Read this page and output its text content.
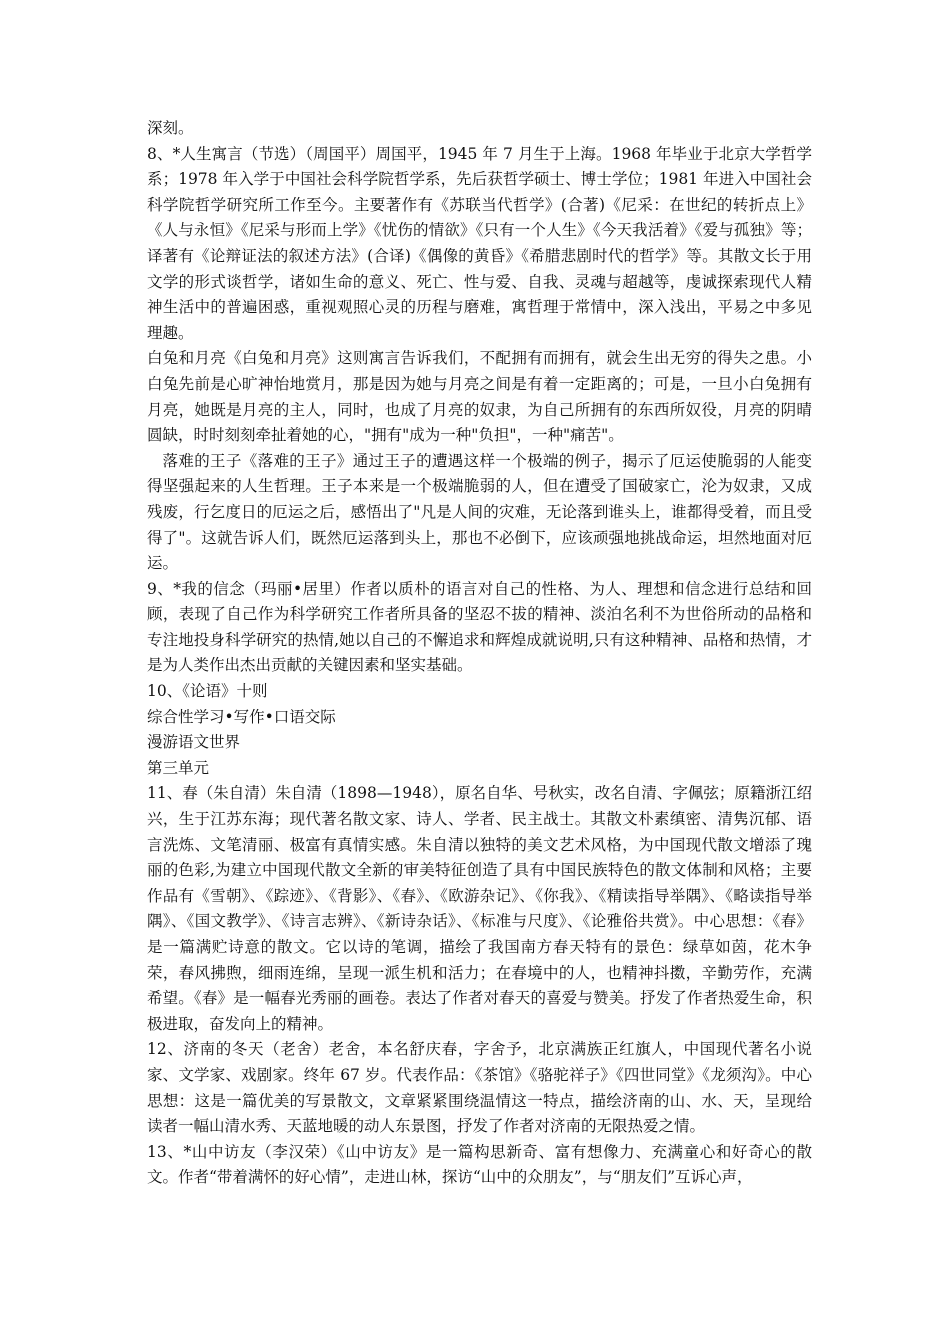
深刻。

8、*人生寓言（节选）（周国平）周国平，1945 年 7 月生于上海。1968 年毕业于北京大学哲学系；1978 年入学于中国社会科学院哲学系，先后获哲学硕士、博士学位；1981 年进入中国社会科学院哲学研究所工作至今。主要著作有《苏联当代哲学》(合著)《尼采：在世纪的转折点上》《人与永恒》《尼采与形而上学》《忧伤的情欲》《只有一个人生》《今天我活着》《爱与孤独》等；译著有《论辩证法的叙述方法》(合译)《偶像的黄昏》《希腊悲剧时代的哲学》等。其散文长于用文学的形式谈哲学，诸如生命的意义、死亡、性与爱、自我、灵魂与超越等，虔诚探索现代人精神生活中的普遍困惑，重视观照心灵的历程与磨难，寓哲理于常情中，深入浅出，平易之中多见理趣。

白兔和月亮《白兔和月亮》这则寓言告诉我们，不配拥有而拥有，就会生出无穷的得失之患。小白兔先前是心旷神怡地赏月，那是因为她与月亮之间是有着一定距离的；可是，一旦小白兔拥有月亮，她既是月亮的主人，同时，也成了月亮的奴隶，为自己所拥有的东西所奴役，月亮的阴晴圆缺，时时刻刻牵扯着她的心，"拥有"成为一种"负担"，一种"痛苦"。

落难的王子《落难的王子》通过王子的遭遇这样一个极端的例子，揭示了厄运使脆弱的人能变得坚强起来的人生哲理。王子本来是一个极端脆弱的人，但在遭受了国破家亡，沦为奴隶，又成残废，行乞度日的厄运之后，感悟出了"凡是人间的灾难，无论落到谁头上，谁都得受着，而且受得了"。这就告诉人们，既然厄运落到头上，那也不必倒下，应该顽强地挑战命运，坦然地面对厄运。

9、*我的信念（玛丽•居里）作者以质朴的语言对自己的性格、为人、理想和信念进行总结和回顾，表现了自己作为科学研究工作者所具备的坚忍不拔的精神、淡泊名利不为世俗所动的品格和专注地投身科学研究的热情,她以自己的不懈追求和辉煌成就说明,只有这种精神、品格和热情，才是为人类作出杰出贡献的关键因素和坚实基础。

10、《论语》十则

综合性学习•写作•口语交际

漫游语文世界

第三单元

11、春（朱自清）朱自清（1898—1948），原名自华、号秋实，改名自清、字佩弦；原籍浙江绍兴，生于江苏东海；现代著名散文家、诗人、学者、民主战士。其散文朴素缜密、清隽沉郁、语言洗炼、文笔清丽、极富有真情实感。朱自清以独特的美文艺术风格，为中国现代散文增添了瑰丽的色彩,为建立中国现代散文全新的审美特征创造了具有中国民族特色的散文体制和风格；主要作品有《雪朝》、《踪迹》、《背影》、《春》、《欧游杂记》、《你我》、《精读指导举隅》、《略读指导举隅》、《国文教学》、《诗言志辨》、《新诗杂话》、《标准与尺度》、《论雅俗共赏》。中心思想：《春》是一篇满贮诗意的散文。它以诗的笔调，描绘了我国南方春天特有的景色：绿草如茵，花木争荣，春风拂煦，细雨连绵，呈现一派生机和活力；在春境中的人，也精神抖擞，辛勤劳作，充满希望。《春》是一幅春光秀丽的画卷。表达了作者对春天的喜爱与赞美。抒发了作者热爱生命，积极进取，奋发向上的精神。

12、济南的冬天（老舍）老舍，本名舒庆春，字舍予，北京满族正红旗人，中国现代著名小说家、文学家、戏剧家。终年 67 岁。代表作品：《茶馆》《骆驼祥子》《四世同堂》《龙须沟》。中心思想：这是一篇优美的写景散文，文章紧紧围绕温情这一特点，描绘济南的山、水、天，呈现给读者一幅山清水秀、天蓝地暖的动人东景图，抒发了作者对济南的无限热爱之情。

13、*山中访友（李汉荣）《山中访友》是一篇构思新奇、富有想像力、充满童心和好奇心的散文。作者“带着满怀的好心情”，走进山林，探访“山中的众朋友”，与“朋友们”互诉心声，
